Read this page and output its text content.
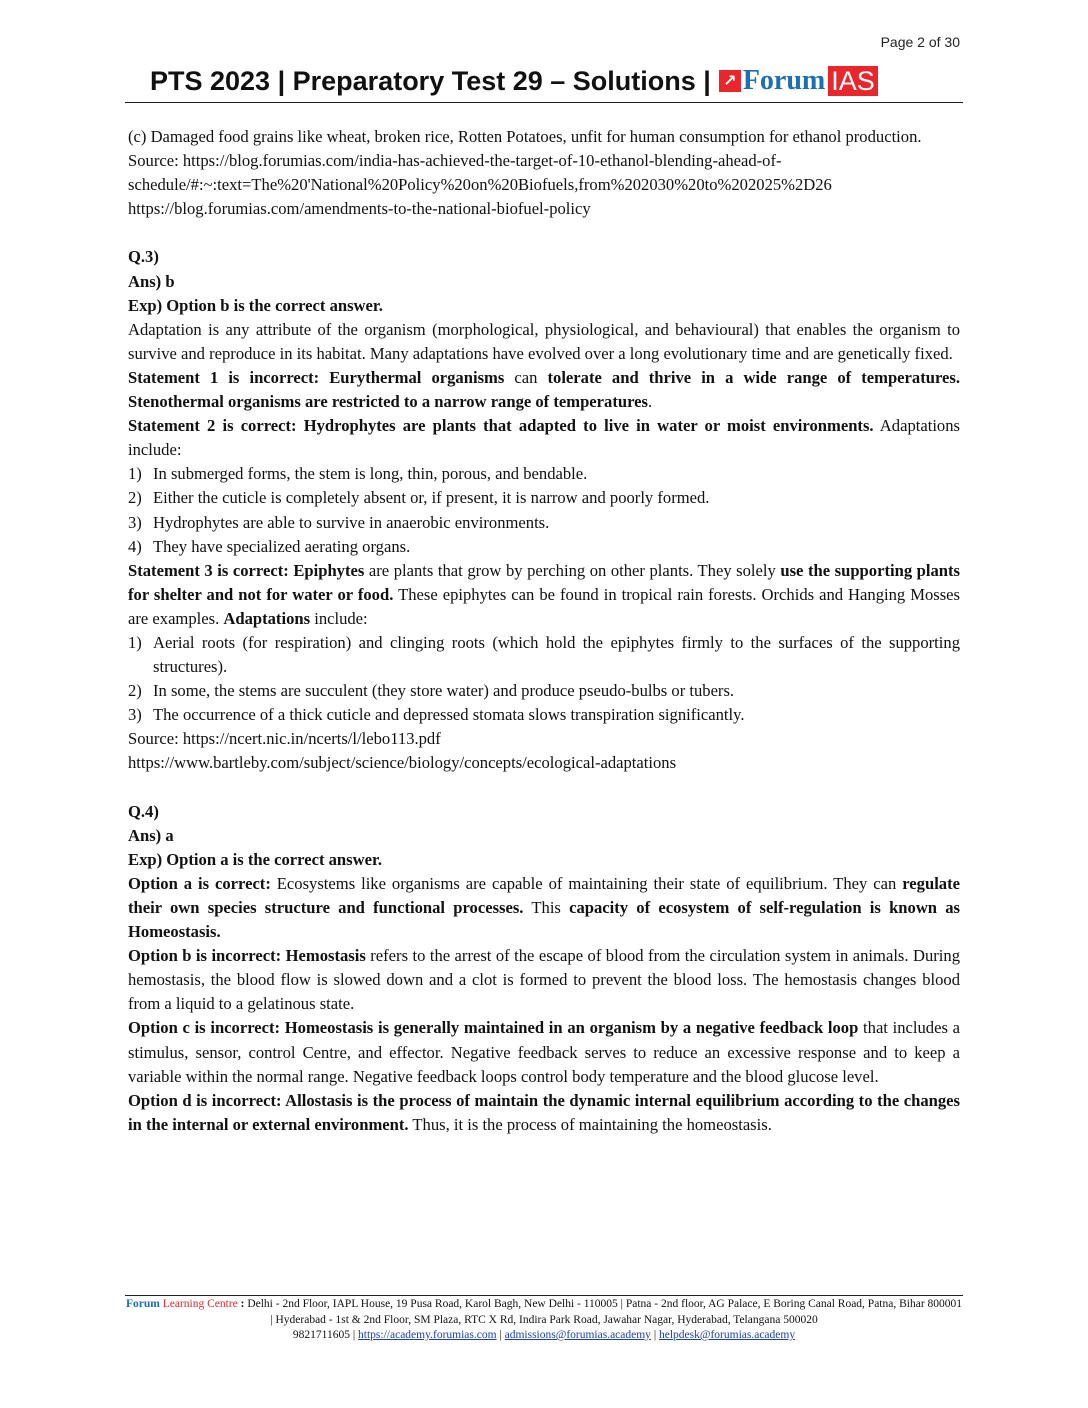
Page 2 of 30
PTS 2023 | Preparatory Test 29 – Solutions | ↗ Forum IAS
(c) Damaged food grains like wheat, broken rice, Rotten Potatoes, unfit for human consumption for ethanol production.
Source: https://blog.forumias.com/india-has-achieved-the-target-of-10-ethanol-blending-ahead-of-
schedule/#:~:text=The%20'National%20Policy%20on%20Biofuels,from%202030%20to%202025%2D26
https://blog.forumias.com/amendments-to-the-national-biofuel-policy
Q.3)
Ans) b
Exp) Option b is the correct answer.
Adaptation is any attribute of the organism (morphological, physiological, and behavioural) that enables the organism to survive and reproduce in its habitat. Many adaptations have evolved over a long evolutionary time and are genetically fixed.
Statement 1 is incorrect: Eurythermal organisms can tolerate and thrive in a wide range of temperatures. Stenothermal organisms are restricted to a narrow range of temperatures.
Statement 2 is correct: Hydrophytes are plants that adapted to live in water or moist environments. Adaptations include:
1) In submerged forms, the stem is long, thin, porous, and bendable.
2) Either the cuticle is completely absent or, if present, it is narrow and poorly formed.
3) Hydrophytes are able to survive in anaerobic environments.
4) They have specialized aerating organs.
Statement 3 is correct: Epiphytes are plants that grow by perching on other plants. They solely use the supporting plants for shelter and not for water or food. These epiphytes can be found in tropical rain forests. Orchids and Hanging Mosses are examples. Adaptations include:
1) Aerial roots (for respiration) and clinging roots (which hold the epiphytes firmly to the surfaces of the supporting structures).
2) In some, the stems are succulent (they store water) and produce pseudo-bulbs or tubers.
3) The occurrence of a thick cuticle and depressed stomata slows transpiration significantly.
Source: https://ncert.nic.in/ncerts/l/lebo113.pdf
https://www.bartleby.com/subject/science/biology/concepts/ecological-adaptations
Q.4)
Ans) a
Exp) Option a is the correct answer.
Option a is correct: Ecosystems like organisms are capable of maintaining their state of equilibrium. They can regulate their own species structure and functional processes. This capacity of ecosystem of self-regulation is known as Homeostasis.
Option b is incorrect: Hemostasis refers to the arrest of the escape of blood from the circulation system in animals. During hemostasis, the blood flow is slowed down and a clot is formed to prevent the blood loss. The hemostasis changes blood from a liquid to a gelatinous state.
Option c is incorrect: Homeostasis is generally maintained in an organism by a negative feedback loop that includes a stimulus, sensor, control Centre, and effector. Negative feedback serves to reduce an excessive response and to keep a variable within the normal range. Negative feedback loops control body temperature and the blood glucose level.
Option d is incorrect: Allostasis is the process of maintain the dynamic internal equilibrium according to the changes in the internal or external environment. Thus, it is the process of maintaining the homeostasis.
Forum Learning Centre : Delhi - 2nd Floor, IAPL House, 19 Pusa Road, Karol Bagh, New Delhi - 110005 | Patna - 2nd floor, AG Palace, E Boring Canal Road, Patna, Bihar 800001 | Hyderabad - 1st & 2nd Floor, SM Plaza, RTC X Rd, Indira Park Road, Jawahar Nagar, Hyderabad, Telangana 500020
9821711605 | https://academy.forumias.com | admissions@forumias.academy | helpdesk@forumias.academy
